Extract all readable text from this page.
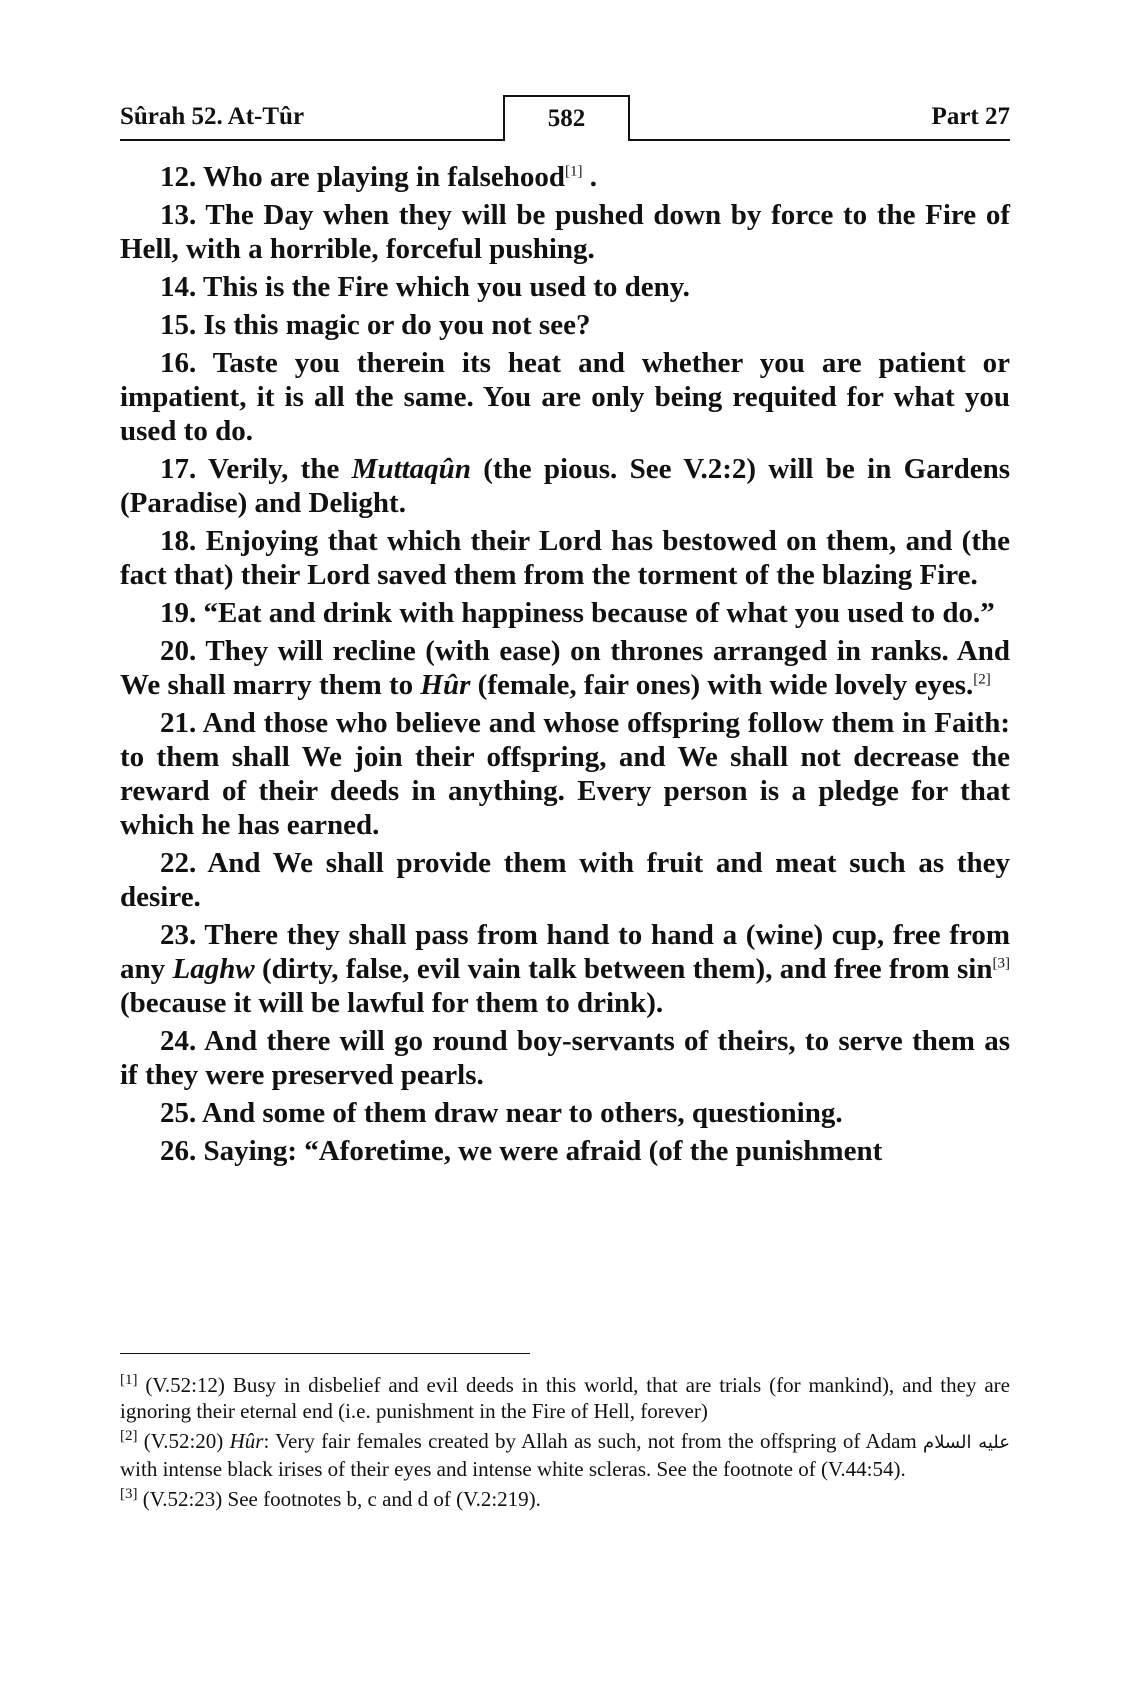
Sûrah 52. At-Tûr	Part 27
582

12. Who are playing in falsehood[1] .

13. The Day when they will be pushed down by force to the Fire of Hell, with a horrible, forceful pushing.

14. This is the Fire which you used to deny.

15. Is this magic or do you not see?

16. Taste you therein its heat and whether you are patient or impatient, it is all the same. You are only being requited for what you used to do.

17. Verily, the Muttaqûn (the pious. See V.2:2) will be in Gardens (Paradise) and Delight.

18. Enjoying that which their Lord has bestowed on them, and (the fact that) their Lord saved them from the torment of the blazing Fire.

19. “Eat and drink with happiness because of what you used to do.”

20. They will recline (with ease) on thrones arranged in ranks. And We shall marry them to Hûr (female, fair ones) with wide lovely eyes.[2]

21. And those who believe and whose offspring follow them in Faith: to them shall We join their offspring, and We shall not decrease the reward of their deeds in anything. Every person is a pledge for that which he has earned.

22. And We shall provide them with fruit and meat such as they desire.

23. There they shall pass from hand to hand a (wine) cup, free from any Laghw (dirty, false, evil vain talk between them), and free from sin[3] (because it will be lawful for them to drink).

24. And there will go round boy-servants of theirs, to serve them as if they were preserved pearls.

25. And some of them draw near to others, questioning.

26. Saying: “Aforetime, we were afraid (of the punishment

[1] (V.52:12) Busy in disbelief and evil deeds in this world, that are trials (for mankind), and they are ignoring their eternal end (i.e. punishment in the Fire of Hell, forever)

[2] (V.52:20) Hûr: Very fair females created by Allah as such, not from the offspring of Adam عليه السلام with intense black irises of their eyes and intense white scleras. See the footnote of (V.44:54).

[3] (V.52:23) See footnotes b, c and d of (V.2:219).
